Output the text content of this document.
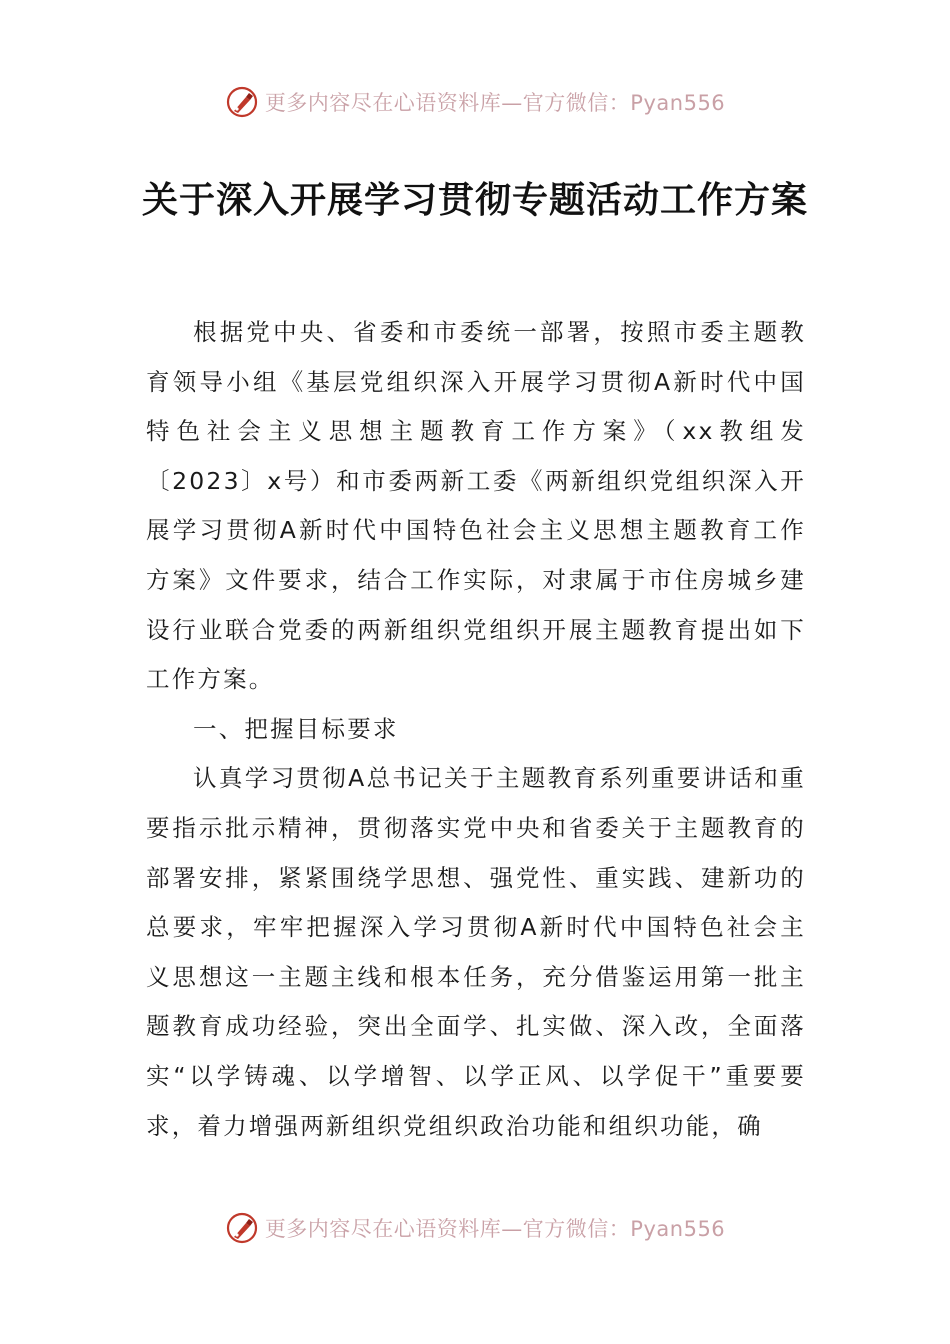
更多内容尽在心语资料库—官方微信：Pyan556
关于深入开展学习贯彻专题活动工作方案

根据党中央、省委和市委统一部署，按照市委主题教育领导小组《基层党组织深入开展学习贯彻A新时代中国特色社会主义思想主题教育工作方案》（xx教组发〔2023〕x号）和市委两新工委《两新组织党组织深入开展学习贯彻A新时代中国特色社会主义思想主题教育工作方案》文件要求，结合工作实际，对隶属于市住房城乡建设行业联合党委的两新组织党组织开展主题教育提出如下工作方案。

一、把握目标要求

认真学习贯彻A总书记关于主题教育系列重要讲话和重要指示批示精神，贯彻落实党中央和省委关于主题教育的部署安排，紧紧围绕学思想、强党性、重实践、建新功的总要求，牢牢把握深入学习贯彻A新时代中国特色社会主义思想这一主题主线和根本任务，充分借鉴运用第一批主题教育成功经验，突出全面学、扎实做、深入改，全面落实“以学铸魂、以学增智、以学正风、以学促干”重要要求，着力增强两新组织党组织政治功能和组织功能，确

更多内容尽在心语资料库—官方微信：Pyan556
